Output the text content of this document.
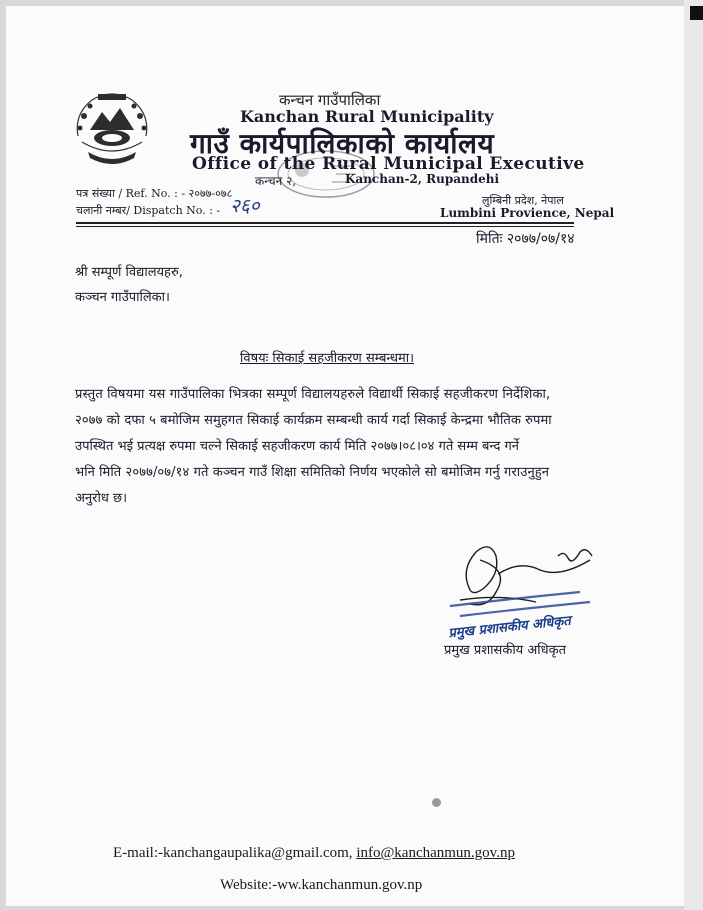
कन्चन गाउँपालिका
Kanchan Rural Municipality
गाउँ कार्यपालिकाको कार्यालय
Office of the Rural Municipal Executive
कन्चन २,	Kanchan-2, Rupandehi
पत्र संख्या / Ref. No. : - २०७७-०७८
चलानी नम्बर/ Dispatch No. : - २६०	लुम्बिनी प्रदेश, नेपाल
Lumbini Provience, Nepal
मितिः २०७७/०७/१४
श्री सम्पूर्ण विद्यालयहरु,
कञ्चन गाउँपालिका।
विषयः सिकाई सहजीकरण सम्बन्धमा।
प्रस्तुत विषयमा यस गाउँपालिका भित्रका सम्पूर्ण विद्यालयहरुले विद्यार्थी सिकाई सहजीकरण निर्देशिका,
२०७७ को दफा ५ बमोजिम समुहगत सिकाई कार्यक्रम सम्बन्धी कार्य गर्दा सिकाई केन्द्रमा भौतिक रुपमा
उपस्थित भई प्रत्यक्ष रुपमा चल्ने सिकाई सहजीकरण कार्य मिति २०७७।०८।०४ गते सम्म बन्द गर्ने
भनि मिति २०७७/०७/१४ गते कञ्चन गाउँ शिक्षा समितिको निर्णय भएकोले सो बमोजिम गर्नु गराउनुहुन
अनुरोध छ।
प्रमुख प्रशासकीय अधिकृत
प्रमुख प्रशासकीय अधिकृत
E-mail:-kanchangaupalika@gmail.com, info@kanchanmun.gov.np
Website:-ww.kanchanmun.gov.np
